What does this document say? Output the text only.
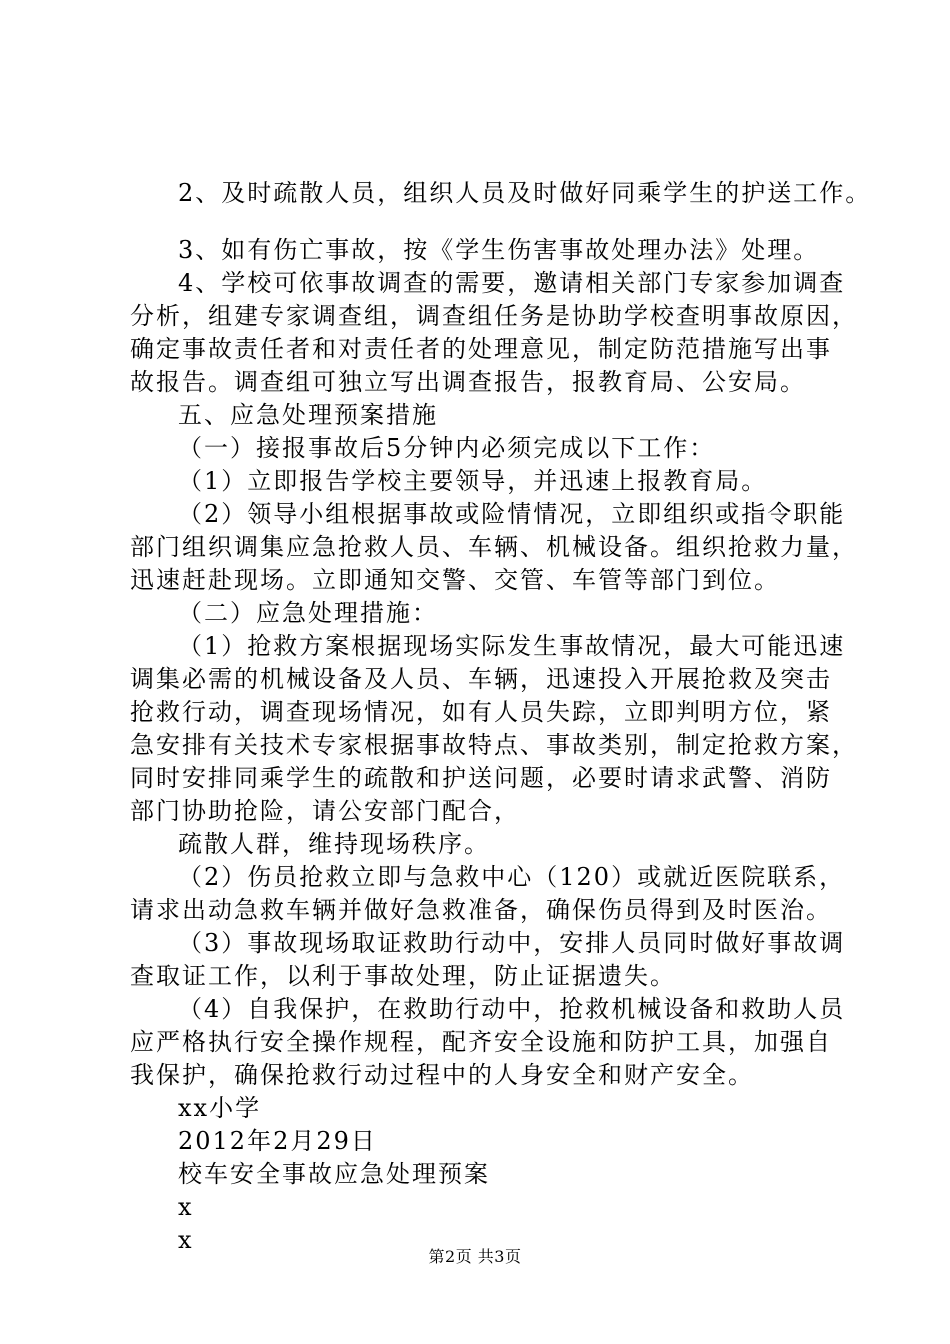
2、及时疏散人员，组织人员及时做好同乘学生的护送工作。
3、如有伤亡事故，按《学生伤害事故处理办法》处理。
4、学校可依事故调查的需要，邀请相关部门专家参加调查
分析，组建专家调查组，调查组任务是协助学校查明事故原因，
确定事故责任者和对责任者的处理意见，制定防范措施写出事
故报告。调查组可独立写出调查报告，报教育局、公安局。
五、应急处理预案措施
（一）接报事故后5分钟内必须完成以下工作：
（1）立即报告学校主要领导，并迅速上报教育局。
（2）领导小组根据事故或险情情况，立即组织或指令职能
部门组织调集应急抢救人员、车辆、机械设备。组织抢救力量，
迅速赶赴现场。立即通知交警、交管、车管等部门到位。
（二）应急处理措施：
（1）抢救方案根据现场实际发生事故情况，最大可能迅速
调集必需的机械设备及人员、车辆，迅速投入开展抢救及突击
抢救行动，调查现场情况，如有人员失踪，立即判明方位，紧
急安排有关技术专家根据事故特点、事故类别，制定抢救方案，
同时安排同乘学生的疏散和护送问题，必要时请求武警、消防
部门协助抢险，请公安部门配合，
疏散人群，维持现场秩序。
（2）伤员抢救立即与急救中心（120）或就近医院联系，
请求出动急救车辆并做好急救准备，确保伤员得到及时医治。
（3）事故现场取证救助行动中，安排人员同时做好事故调
查取证工作，以利于事故处理，防止证据遗失。
（4）自我保护，在救助行动中，抢救机械设备和救助人员
应严格执行安全操作规程，配齐安全设施和防护工具，加强自
我保护，确保抢救行动过程中的人身安全和财产安全。
xx小学
2012年2月29日
校车安全事故应急处理预案
x
x
第2页 共3页
